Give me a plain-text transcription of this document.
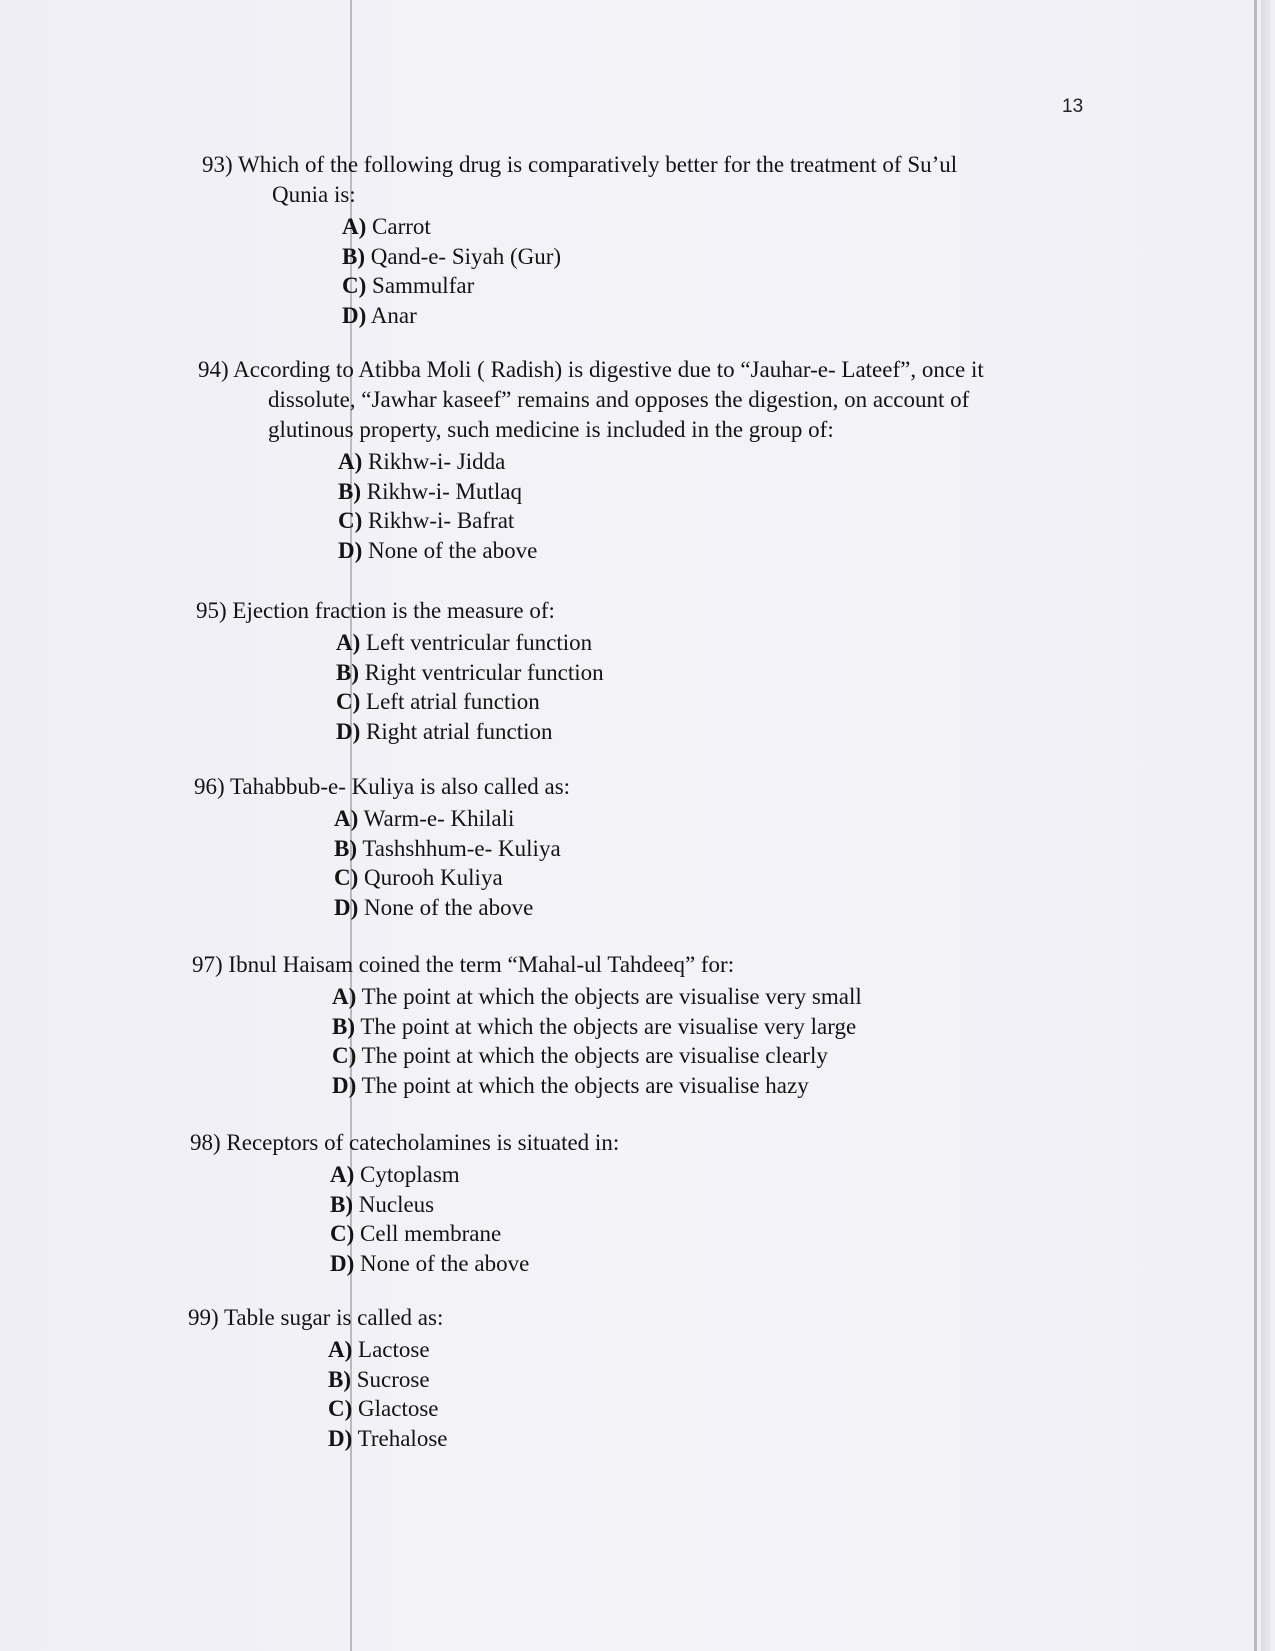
13

93) Which of the following drug is comparatively better for the treatment of Su’ul

Qunia is:

A) Carrot
B) Qand-e- Siyah (Gur)
C) Sammulfar
D) Anar

94) According to Atibba Moli ( Radish) is digestive due to “Jauhar-e- Lateef”, once it

dissolute, “Jawhar kaseef” remains and opposes the digestion, on account of

glutinous property, such medicine is included in the group of:

A) Rikhw-i- Jidda
B) Rikhw-i- Mutlaq
C) Rikhw-i- Bafrat
D) None of the above

95) Ejection fraction is the measure of:

A) Left ventricular function
B) Right ventricular function
C) Left atrial function
D) Right atrial function

96) Tahabbub-e- Kuliya is also called as:

A) Warm-e- Khilali
B) Tashshhum-e- Kuliya
C) Qurooh Kuliya
D) None of the above

97) Ibnul Haisam coined the term “Mahal-ul Tahdeeq” for:

A) The point at which the objects are visualise very small
B) The point at which the objects are visualise very large
C) The point at which the objects are visualise clearly
D) The point at which the objects are visualise hazy

98) Receptors of catecholamines is situated in:

A) Cytoplasm
B) Nucleus
C) Cell membrane
D) None of the above

99) Table sugar is called as:

A) Lactose
B) Sucrose
C) Glactose
D) Trehalose
